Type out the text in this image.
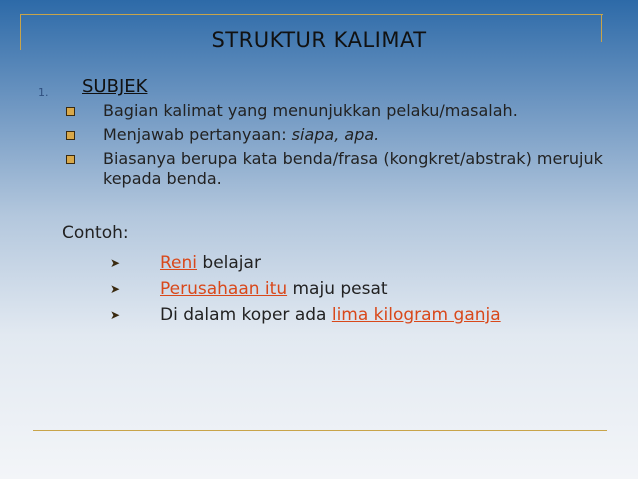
STRUKTUR KALIMAT
1. SUBJEK
Bagian kalimat yang menunjukkan pelaku/masalah.
Menjawab pertanyaan: siapa, apa.
Biasanya berupa kata benda/frasa (kongkret/abstrak) merujuk kepada benda.
Contoh:
➤	Reni belajar
➤	Perusahaan itu maju pesat
➤	Di dalam koper ada lima kilogram ganja
